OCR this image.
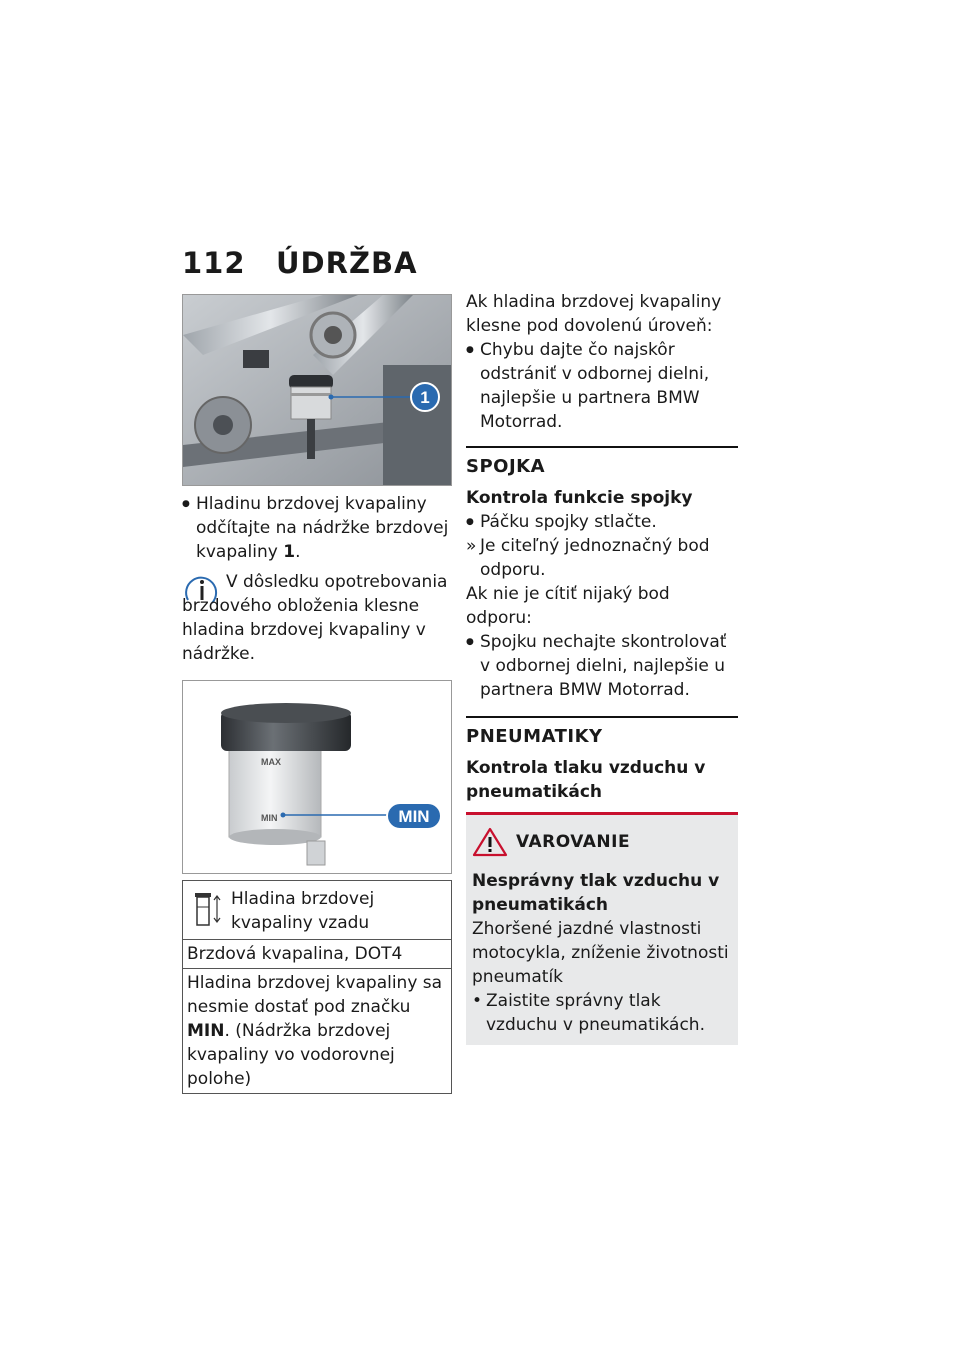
112 ÚDRŽBA
1
● Hladinu brzdovej kvapaliny odčítajte na nádržke brzdovej kvapaliny 1.

V dôsledku opotrebovania brzdového obloženia klesne hladina brzdovej kvapaliny v nádržke.

MAX
MIN	MIN
Hladina brzdovej kvapaliny vzadu
Brzdová kvapalina, DOT4
Hladina brzdovej kvapaliny sa nesmie dostať pod značku MIN. (Nádržka brzdovej kvapaliny vo vodorovnej polohe)

Ak hladina brzdovej kvapaliny klesne pod dovolenú úroveň:

● Chybu dajte čo najskôr odstrániť v odbornej dielni, najlepšie u partnera BMW Motorrad.
SPOJKA
Kontrola funkcie spojky
● Páčku spojky stlačte.
» Je citeľný jednoznačný bod odporu.

Ak nie je cítiť nijaký bod odporu:

● Spojku nechajte skontrolovať v odbornej dielni, najlepšie u partnera BMW Motorrad.
PNEUMATIKY
Kontrola tlaku vzduchu v pneumatikách
VAROVANIE
Nesprávny tlak vzduchu v pneumatikách

Zhoršené jazdné vlastnosti motocykla, zníženie životnosti pneumatík

• Zaistite správny tlak vzduchu v pneumatikách.
